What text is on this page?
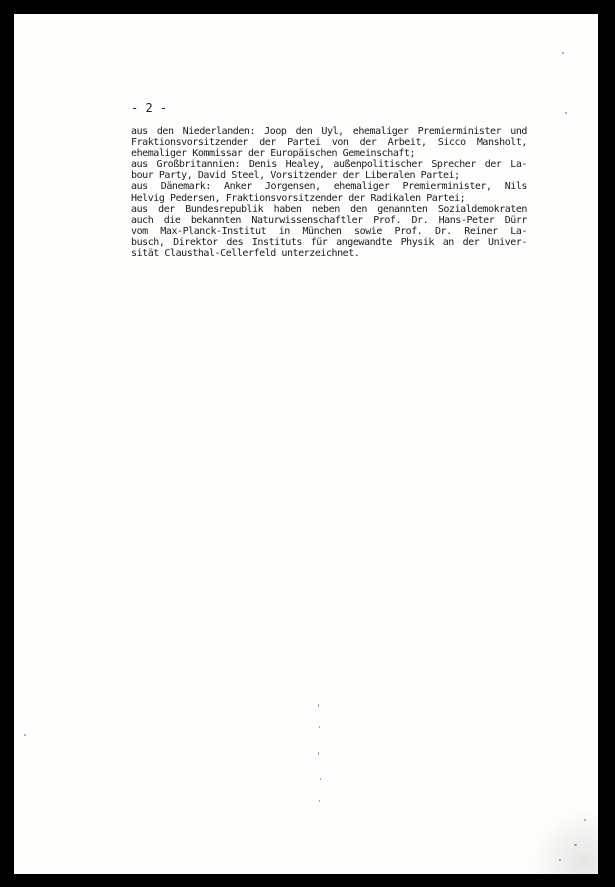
- 2 -
aus den Niederlanden: Joop den Uyl, ehemaliger Premierminister und
Fraktionsvorsitzender der Partei von der Arbeit, Sicco Mansholt,
ehemaliger Kommissar der Europäischen Gemeinschaft;
aus Großbritannien: Denis Healey, außenpolitischer Sprecher der La-
bour Party, David Steel, Vorsitzender der Liberalen Partei;
aus Dänemark: Anker Jorgensen, ehemaliger Premierminister, Nils
Helvig Pedersen, Fraktionsvorsitzender der Radikalen Partei;
aus der Bundesrepublik haben neben den genannten Sozialdemokraten
auch die bekannten Naturwissenschaftler Prof. Dr. Hans-Peter Dürr
vom Max-Planck-Institut in München sowie Prof. Dr. Reiner La-
busch, Direktor des Instituts für angewandte Physik an der Univer-
sität Clausthal-Cellerfeld unterzeichnet.
